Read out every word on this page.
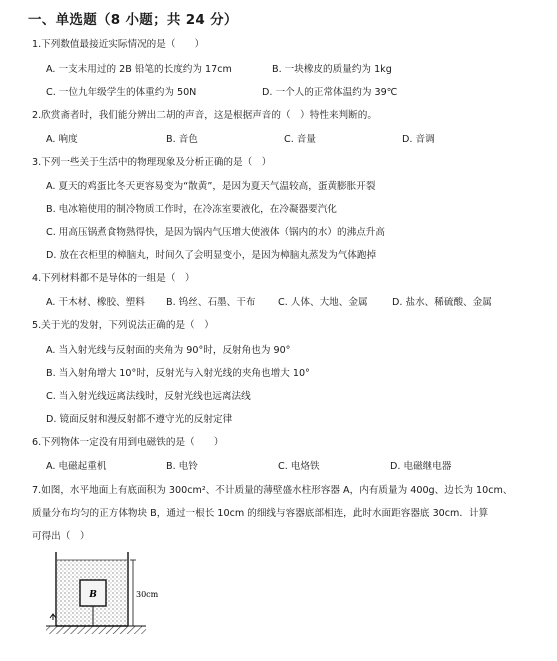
一、单选题（8 小题；共 24 分）
1.下列数值最接近实际情况的是（　　）
A. 一支未用过的 2B 铅笔的长度约为 17cm	B. 一块橡皮的质量约为 1kg
C. 一位九年级学生的体重约为 50N	D. 一个人的正常体温约为 39℃
2.欣赏斋者时，我们能分辨出二胡的声音，这是根据声音的（　）特性来判断的。
A. 响度	B. 音色	C. 音量	D. 音调
3.下列一些关于生活中的物理现象及分析正确的是（　）
A. 夏天的鸡蛋比冬天更容易变为“散黄”，是因为夏天气温较高，蛋黄膨胀开裂
B. 电冰箱使用的制冷物质工作时，在冷冻室要液化，在冷凝器要汽化
C. 用高压锅煮食物熟得快，是因为锅内气压增大使液体（锅内的水）的沸点升高
D. 放在衣柜里的樟脑丸，时间久了会明显变小，是因为樟脑丸蒸发为气体跑掉
4.下列材料都不是导体的一组是（　）
A. 干木材、橡胶、塑料 B. 钨丝、石墨、干布 C. 人体、大地、金属	D. 盐水、稀硫酸、金属
5.关于光的发射，下列说法正确的是（　）
A. 当入射光线与反射面的夹角为 90°时，反射角也为 90°
B. 当入射角增大 10°时，反射光与入射光线的夹角也增大 10°
C. 当入射光线远离法线时，反射光线也远离法线
D. 镜面反射和漫反射都不遵守光的反射定律
6.下列物体一定没有用到电磁铁的是（　　）
A. 电磁起重机	B. 电铃	C. 电烙铁	D. 电磁继电器
7.如图，水平地面上有底面积为 300cm²、不计质量的薄壁盛水柱形容器 A，内有质量为 400g、边长为 10cm、
质量分布均匀的正方体物块 B，通过一根长 10cm 的细线与容器底部相连，此时水面距容器底 30cm．计算
可得出（　）
B	30cm
